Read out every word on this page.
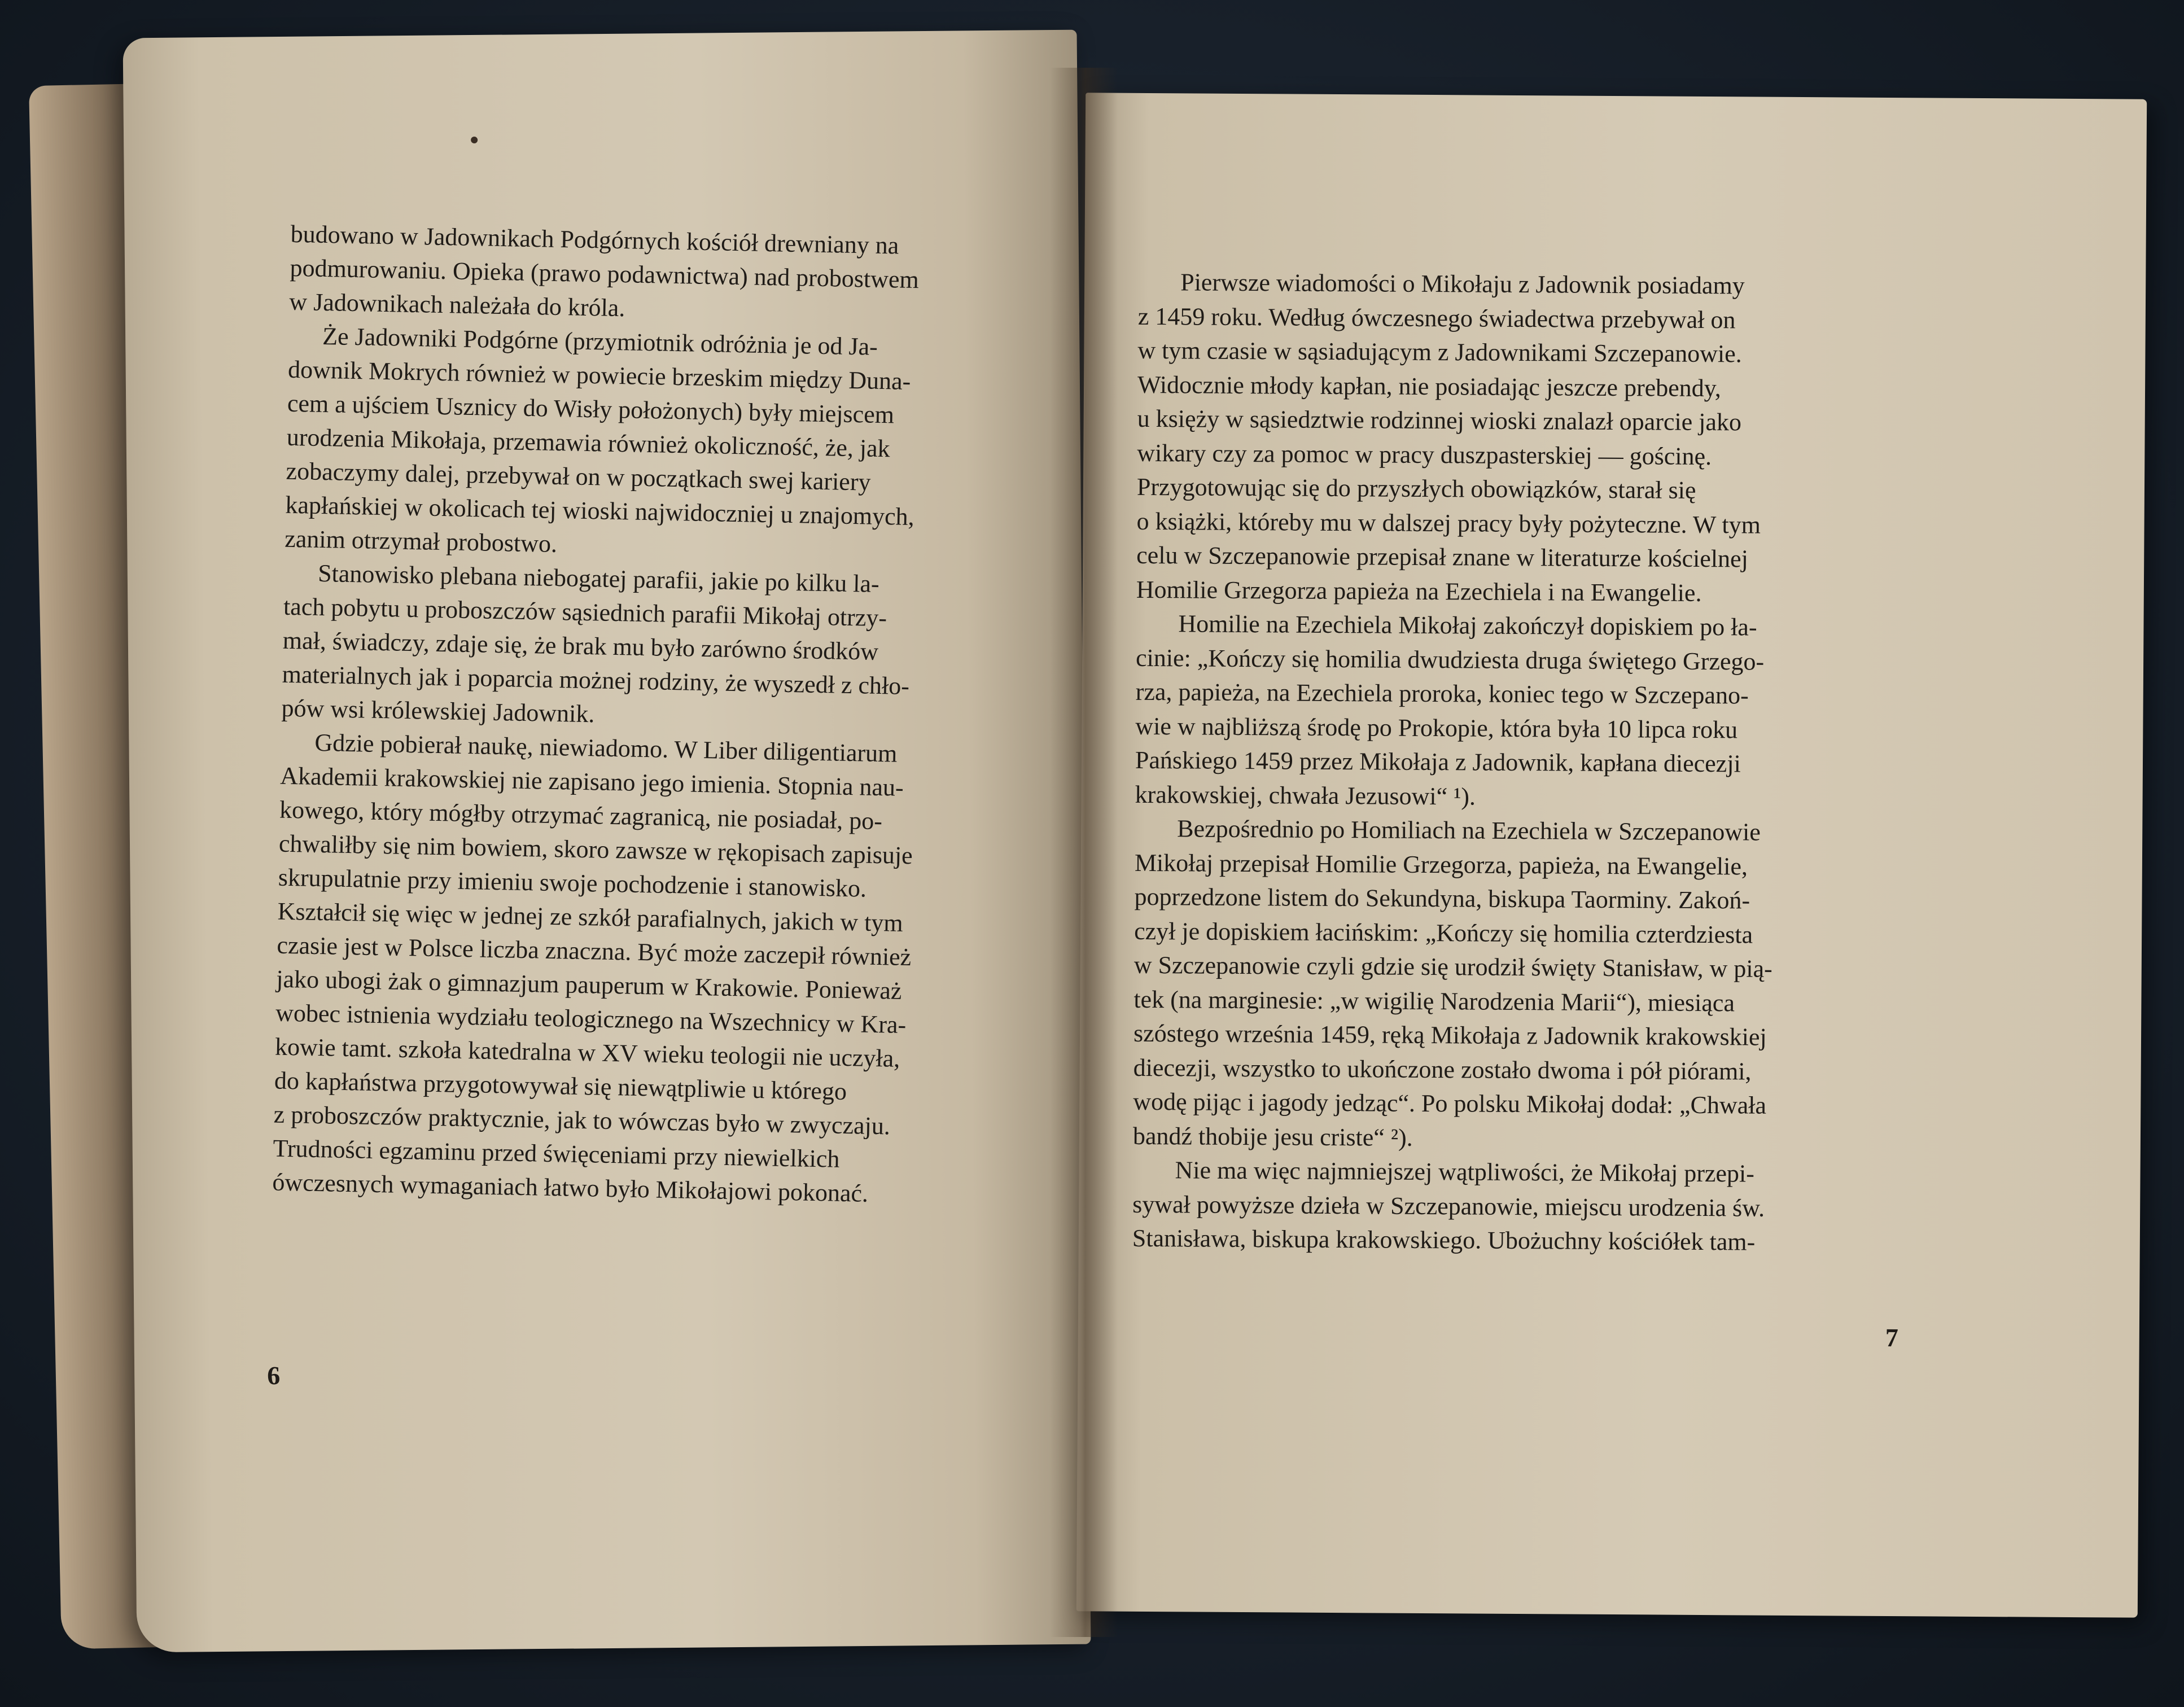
budowano w Jadownikach Podgórnych kościół drewniany na
podmurowaniu. Opieka (prawo podawnictwa) nad probostwem
w Jadownikach należała do króla.
Że Jadowniki Podgórne (przymiotnik odróżnia je od Ja-
downik Mokrych również w powiecie brzeskim między Duna-
cem a ujściem Usznicy do Wisły położonych) były miejscem
urodzenia Mikołaja, przemawia również okoliczność, że, jak
zobaczymy dalej, przebywał on w początkach swej kariery
kapłańskiej w okolicach tej wioski najwidoczniej u znajomych,
zanim otrzymał probostwo.
Stanowisko plebana niebogatej parafii, jakie po kilku la-
tach pobytu u proboszczów sąsiednich parafii Mikołaj otrzy-
mał, świadczy, zdaje się, że brak mu było zarówno środków
materialnych jak i poparcia możnej rodziny, że wyszedł z chło-
pów wsi królewskiej Jadownik.
Gdzie pobierał naukę, niewiadomo. W Liber diligentiarum
Akademii krakowskiej nie zapisano jego imienia. Stopnia nau-
kowego, który mógłby otrzymać zagranicą, nie posiadał, po-
chwaliłby się nim bowiem, skoro zawsze w rękopisach zapisuje
skrupulatnie przy imieniu swoje pochodzenie i stanowisko.
Kształcił się więc w jednej ze szkół parafialnych, jakich w tym
czasie jest w Polsce liczba znaczna. Być może zaczepił również
jako ubogi żak o gimnazjum pauperum w Krakowie. Ponieważ
wobec istnienia wydziału teologicznego na Wszechnicy w Kra-
kowie tamt. szkoła katedralna w XV wieku teologii nie uczyła,
do kapłaństwa przygotowywał się niewątpliwie u którego
z proboszczów praktycznie, jak to wówczas było w zwyczaju.
Trudności egzaminu przed święceniami przy niewielkich
ówczesnych wymaganiach łatwo było Mikołajowi pokonać.
6
Pierwsze wiadomości o Mikołaju z Jadownik posiadamy
z 1459 roku. Według ówczesnego świadectwa przebywał on
w tym czasie w sąsiadującym z Jadownikami Szczepanowie.
Widocznie młody kapłan, nie posiadając jeszcze prebendy,
u księży w sąsiedztwie rodzinnej wioski znalazł oparcie jako
wikary czy za pomoc w pracy duszpasterskiej — gościnę.
Przygotowując się do przyszłych obowiązków, starał się
o książki, któreby mu w dalszej pracy były pożyteczne. W tym
celu w Szczepanowie przepisał znane w literaturze kościelnej
Homilie Grzegorza papieża na Ezechiela i na Ewangelie.
Homilie na Ezechiela Mikołaj zakończył dopiskiem po ła-
cinie: „Kończy się homilia dwudziesta druga świętego Grzego-
rza, papieża, na Ezechiela proroka, koniec tego w Szczepano-
wie w najbliższą środę po Prokopie, która była 10 lipca roku
Pańskiego 1459 przez Mikołaja z Jadownik, kapłana diecezji
krakowskiej, chwała Jezusowi“ ¹).
Bezpośrednio po Homiliach na Ezechiela w Szczepanowie
Mikołaj przepisał Homilie Grzegorza, papieża, na Ewangelie,
poprzedzone listem do Sekundyna, biskupa Taorminy. Zakoń-
czył je dopiskiem łacińskim: „Kończy się homilia czterdziesta
w Szczepanowie czyli gdzie się urodził święty Stanisław, w pią-
tek (na marginesie: „w wigilię Narodzenia Marii“), miesiąca
szóstego września 1459, ręką Mikołaja z Jadownik krakowskiej
diecezji, wszystko to ukończone zostało dwoma i pół piórami,
wodę pijąc i jagody jedząc“. Po polsku Mikołaj dodał: „Chwała
bandź thobije jesu criste“ ²).
Nie ma więc najmniejszej wątpliwości, że Mikołaj przepi-
sywał powyższe dzieła w Szczepanowie, miejscu urodzenia św.
Stanisława, biskupa krakowskiego. Ubożuchny kościółek tam-
7
